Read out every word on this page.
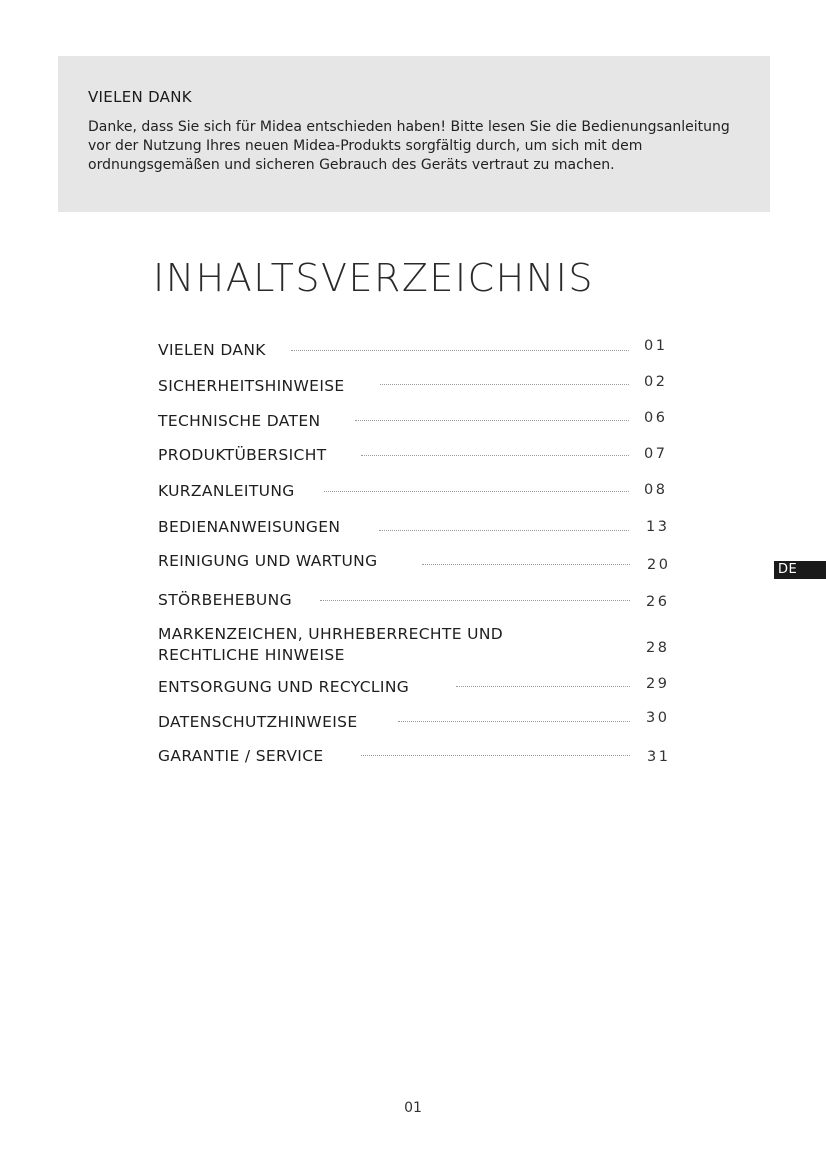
VIELEN DANK

Danke, dass Sie sich für Midea entschieden haben! Bitte lesen Sie die Bedienungsanleitung vor der Nutzung Ihres neuen Midea-Produkts sorgfältig durch, um sich mit dem ordnungsgemäßen und sicheren Gebrauch des Geräts vertraut zu machen.

INHALTSVERZEICHNIS
VIELEN DANK	01
SICHERHEITSHINWEISE	02
TECHNISCHE DATEN	06
PRODUKTÜBERSICHT	07
KURZANLEITUNG	08
BEDIENANWEISUNGEN	13
REINIGUNG UND WARTUNG	20
STÖRBEHEBUNG	26
MARKENZEICHEN, UHRHEBERRECHTE UND
RECHTLICHE HINWEISE	28
ENTSORGUNG UND RECYCLING	29
DATENSCHUTZHINWEISE	30
GARANTIE / SERVICE	31
DE
01
